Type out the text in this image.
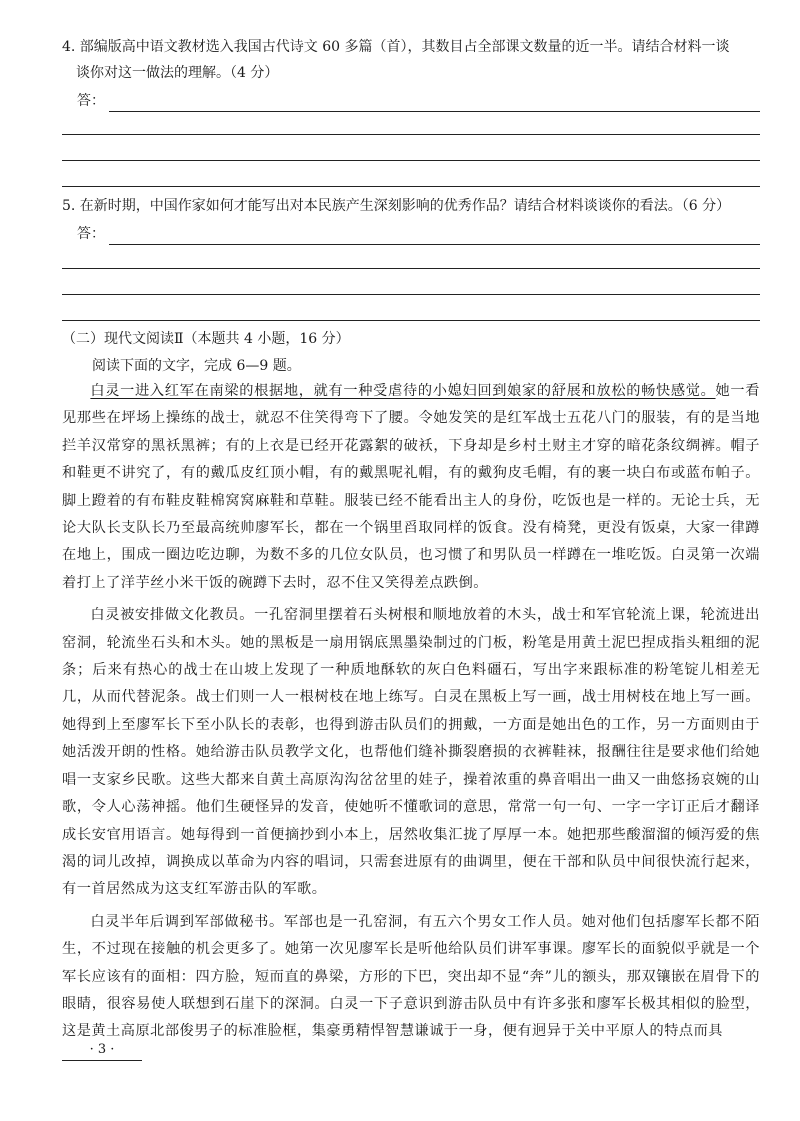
4. 部编版高中语文教材选入我国古代诗文 60 多篇（首），其数目占全部课文数量的近一半。请结合材料一谈
谈你对这一做法的理解。（4 分）
答：
5. 在新时期，中国作家如何才能写出对本民族产生深刻影响的优秀作品？请结合材料谈谈你的看法。（6 分）
答：
（二）现代文阅读Ⅱ（本题共 4 小题，16 分）
阅读下面的文字，完成 6—9 题。

白灵一进入红军在南梁的根据地，就有一种受虐待的小媳妇回到娘家的舒展和放松的畅快感觉。她一看见那些在坪场上操练的战士，就忍不住笑得弯下了腰。令她发笑的是红军战士五花八门的服装，有的是当地拦羊汉常穿的黑袄黑裤；有的上衣是已经开花露絮的破袄，下身却是乡村土财主才穿的暗花条纹绸裤。帽子和鞋更不讲究了，有的戴瓜皮红顶小帽，有的戴黑呢礼帽，有的戴狗皮毛帽，有的裹一块白布或蓝布帕子。脚上蹬着的有布鞋皮鞋棉窝窝麻鞋和草鞋。服装已经不能看出主人的身份，吃饭也是一样的。无论士兵，无论大队长支队长乃至最高统帅廖军长，都在一个锅里舀取同样的饭食。没有椅凳，更没有饭桌，大家一律蹲在地上，围成一圈边吃边聊，为数不多的几位女队员，也习惯了和男队员一样蹲在一堆吃饭。白灵第一次端着打上了洋芋丝小米干饭的碗蹲下去时，忍不住又笑得差点跌倒。

白灵被安排做文化教员。一孔窑洞里摆着石头树根和顺地放着的木头，战士和军官轮流上课，轮流进出窑洞，轮流坐石头和木头。她的黑板是一扇用锅底黑墨染制过的门板，粉笔是用黄土泥巴捏成指头粗细的泥条；后来有热心的战士在山坡上发现了一种质地酥软的灰白色料礓石，写出字来跟标准的粉笔锭儿相差无几，从而代替泥条。战士们则一人一根树枝在地上练写。白灵在黑板上写一画，战士用树枝在地上写一画。她得到上至廖军长下至小队长的表彰，也得到游击队员们的拥戴，一方面是她出色的工作，另一方面则由于她活泼开朗的性格。她给游击队员教学文化，也帮他们缝补撕裂磨损的衣裤鞋袜，报酬往往是要求他们给她唱一支家乡民歌。这些大都来自黄土高原沟沟岔岔里的娃子，操着浓重的鼻音唱出一曲又一曲悠扬哀婉的山歌，令人心荡神摇。他们生硬怪异的发音，使她听不懂歌词的意思，常常一句一句、一字一字订正后才翻译成长安官用语言。她每得到一首便摘抄到小本上，居然收集汇拢了厚厚一本。她把那些酸溜溜的倾泻爱的焦渴的词儿改掉，调换成以革命为内容的唱词，只需套进原有的曲调里，便在干部和队员中间很快流行起来，有一首居然成为这支红军游击队的军歌。

白灵半年后调到军部做秘书。军部也是一孔窑洞，有五六个男女工作人员。她对他们包括廖军长都不陌生，不过现在接触的机会更多了。她第一次见廖军长是听他给队员们讲军事课。廖军长的面貌似乎就是一个军长应该有的面相：四方脸，短而直的鼻梁，方形的下巴，突出却不显“奔”儿的额头，那双镶嵌在眉骨下的眼睛，很容易使人联想到石崖下的深洞。白灵一下子意识到游击队员中有许多张和廖军长极其相似的脸型，这是黄土高原北部俊男子的标准脸框，集豪勇精悍智慧谦诚于一身，便有迥异于关中平原人的特点而具

· 3 ·
